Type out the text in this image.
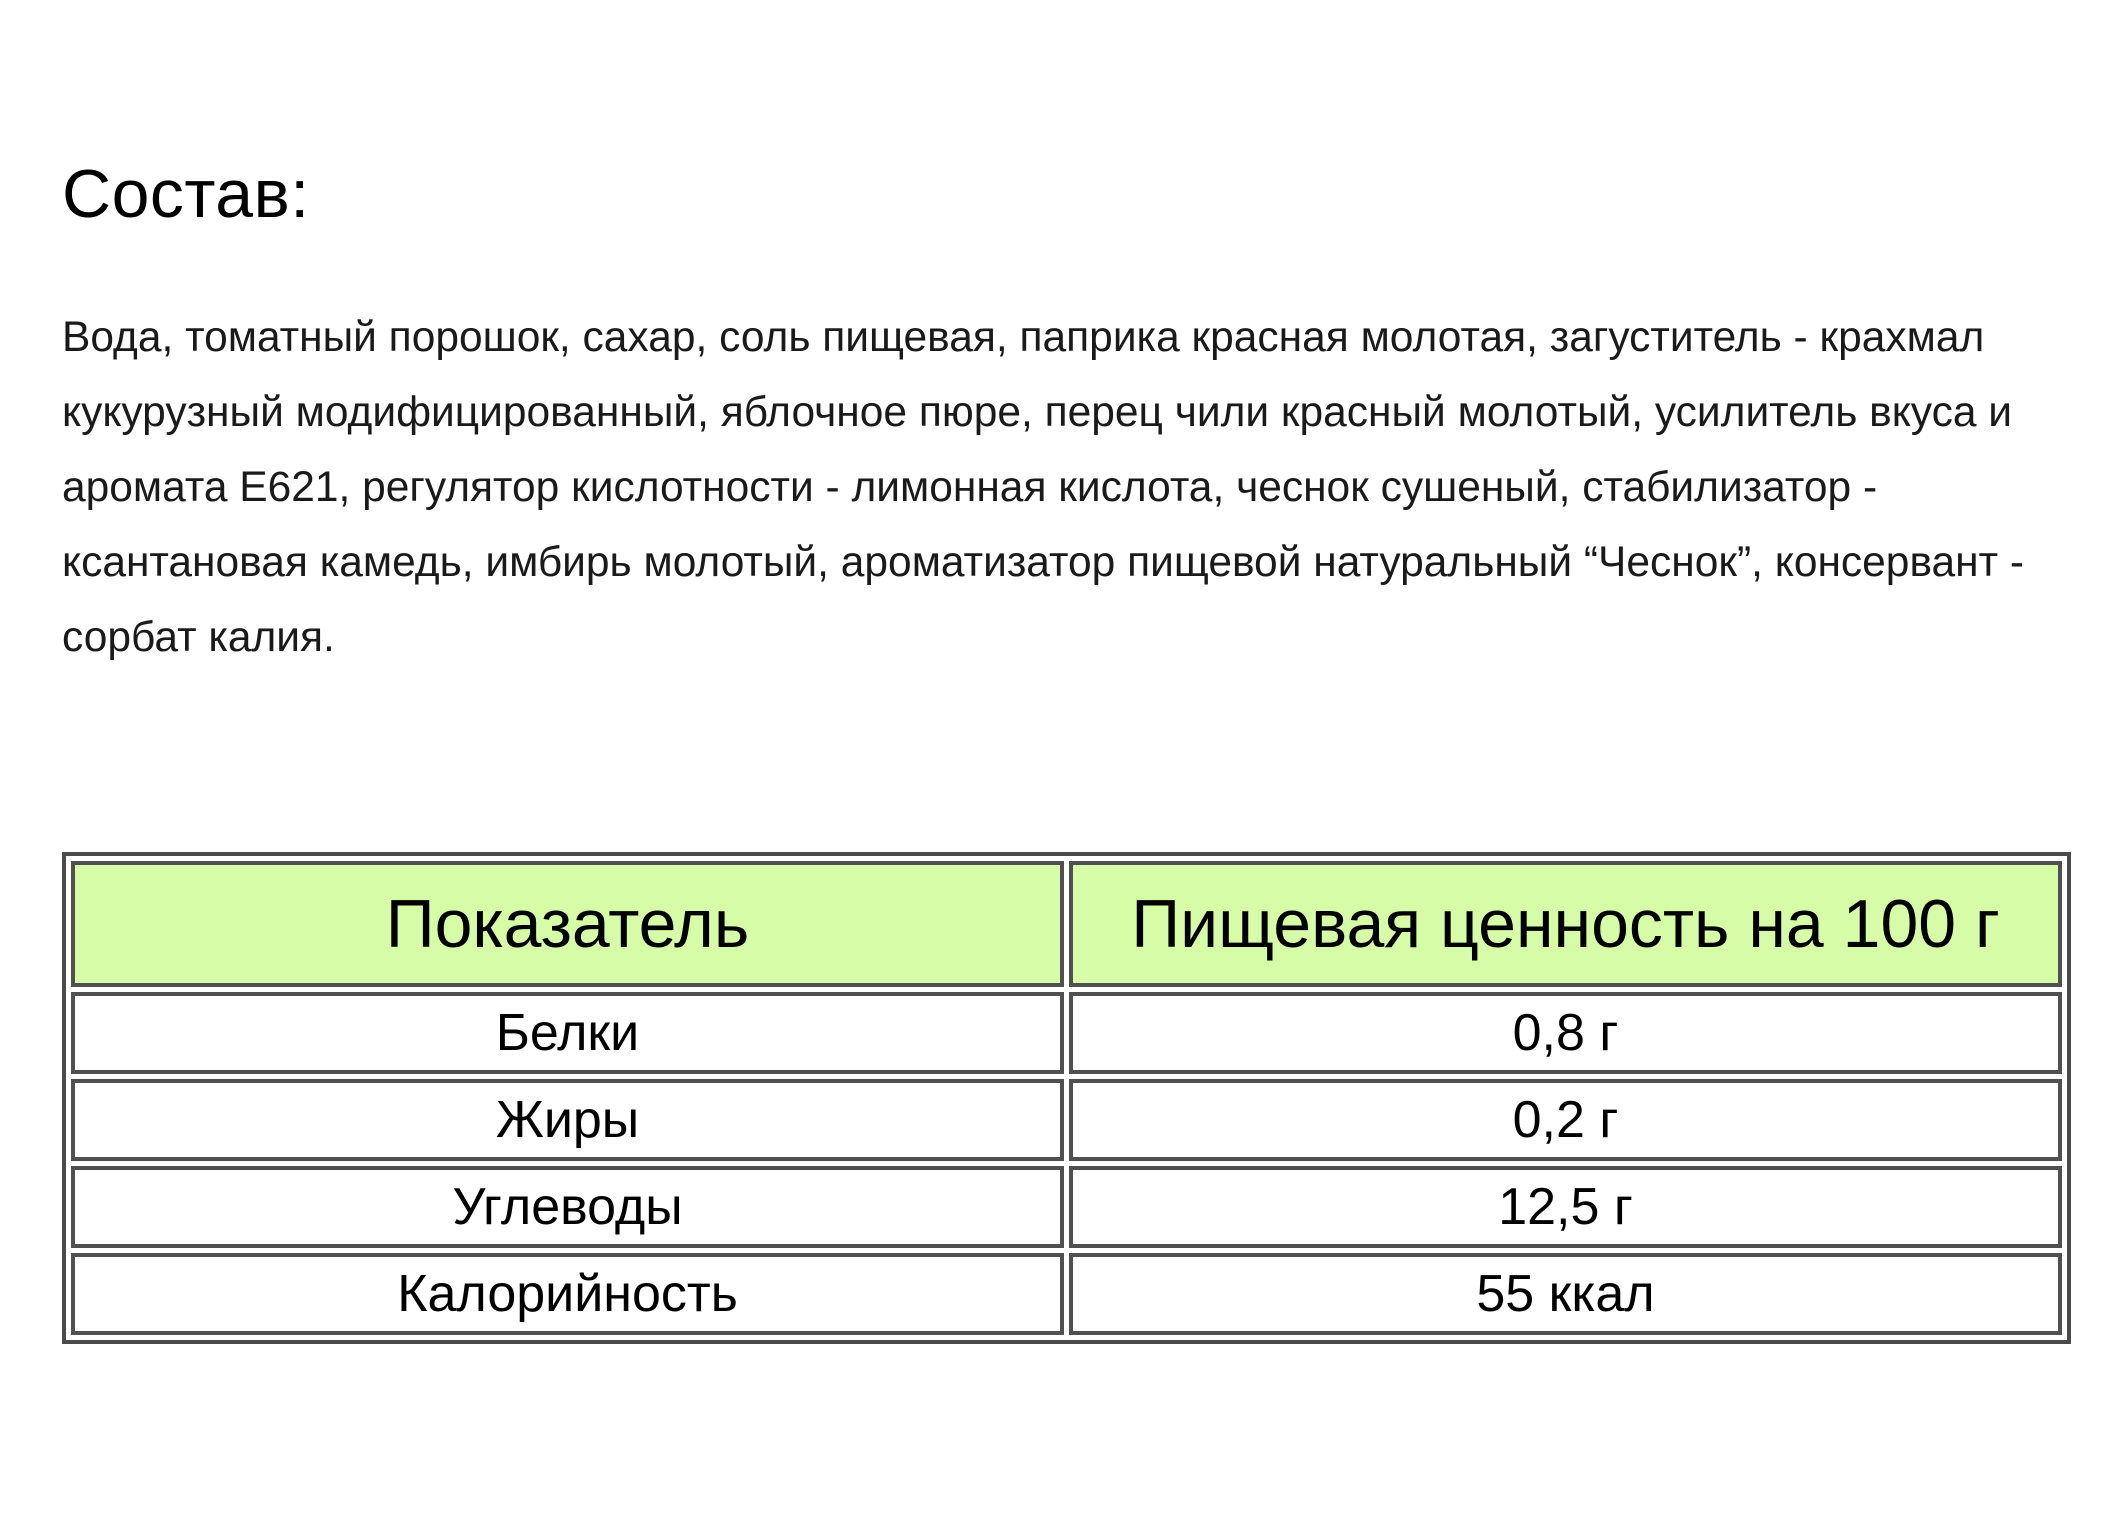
Состав:

Вода, томатный порошок, сахар, соль пищевая, паприка красная молотая, загуститель - крахмал кукурузный модифицированный, яблочное пюре, перец чили красный молотый, усилитель вкуса и аромата Е621, регулятор кислотности - лимонная кислота, чеснок сушеный, стабилизатор - ксантановая камедь, имбирь молотый, ароматизатор пищевой натуральный “Чеснок”, консервант - сорбат калия.

Показатель	Пищевая ценность на 100 г
Белки	0,8 г
Жиры	0,2 г
Углеводы	12,5 г
Калорийность	55 ккал
